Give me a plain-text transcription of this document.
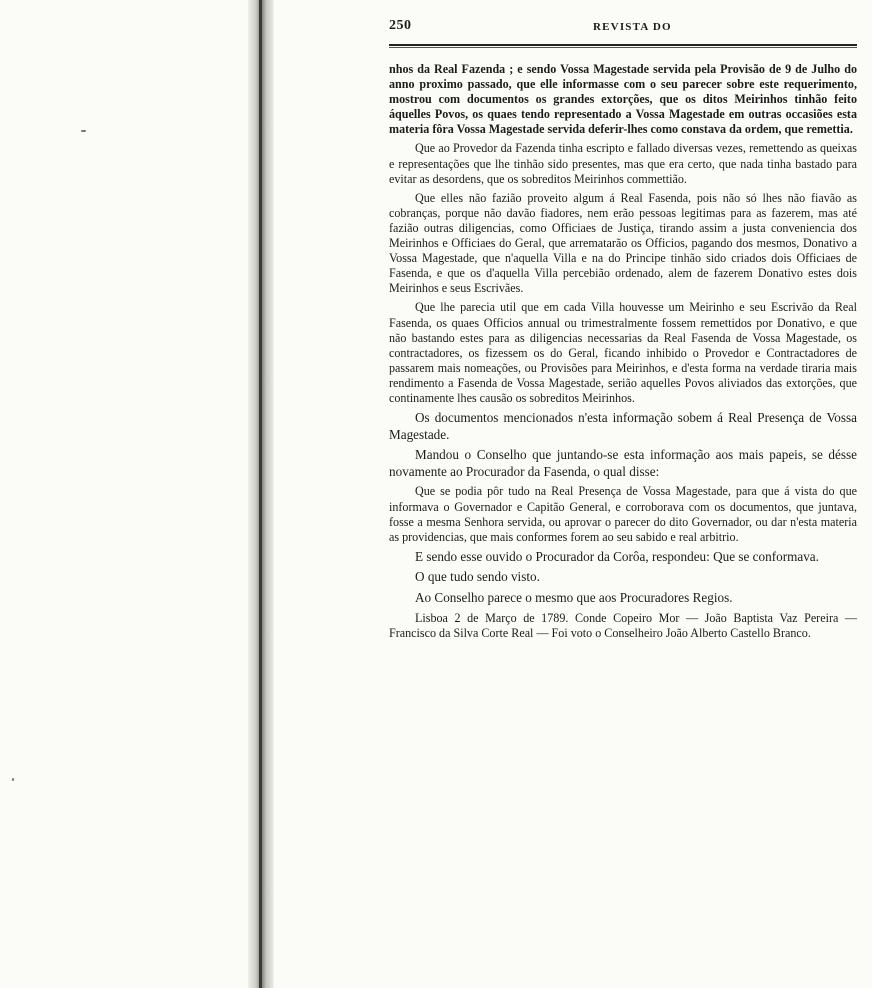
250	REVISTA DO

nhos da Real Fazenda ; e sendo Vossa Magestade servida pela Provisão de 9 de Julho do anno proximo passado, que elle informasse com o seu parecer sobre este requerimento, mostrou com documentos os grandes extorções, que os ditos Meirinhos tinhão feito áquelles Povos, os quaes tendo representado a Vossa Magestade em outras occasiões esta materia fôra Vossa Magestade servida deferir-lhes como constava da ordem, que remettia.

Que ao Provedor da Fazenda tinha escripto e fallado diversas vezes, remettendo as queixas e representações que lhe tinhão sido presentes, mas que era certo, que nada tinha bastado para evitar as desordens, que os sobreditos Meirinhos commettião.

Que elles não fazião proveito algum á Real Fasenda, pois não só lhes não fiavão as cobranças, porque não davão fiadores, nem erão pessoas legitimas para as fazerem, mas até fazião outras diligencias, como Officiaes de Justiça, tirando assim a justa conveniencia dos Meirinhos e Officiaes do Geral, que arrematarão os Officios, pagando dos mesmos, Donativo a Vossa Magestade, que n'aquella Villa e na do Principe tinhão sido criados dois Officiaes de Fasenda, e que os d'aquella Villa percebião ordenado, alem de fazerem Donativo estes dois Meirinhos e seus Escrivães.

Que lhe parecia util que em cada Villa houvesse um Meirinho e seu Escrivão da Real Fasenda, os quaes Officios annual ou trimestralmente fossem remettidos por Donativo, e que não bastando estes para as diligencias necessarias da Real Fasenda de Vossa Magestade, os contractadores, os fizessem os do Geral, ficando inhibido o Provedor e Contractadores de passarem mais nomeações, ou Provisões para Meirinhos, e d'esta forma na verdade tiraria mais rendimento a Fasenda de Vossa Magestade, serião aquelles Povos aliviados das extorções, que continamente lhes causão os sobreditos Meirinhos.

Os documentos mencionados n'esta informação sobem á Real Presença de Vossa Magestade.

Mandou o Conselho que juntando-se esta informação aos mais papeis, se désse novamente ao Procurador da Fasenda, o qual disse:

Que se podia pôr tudo na Real Presença de Vossa Magestade, para que á vista do que informava o Governador e Capitão General, e corroborava com os documentos, que juntava, fosse a mesma Senhora servida, ou aprovar o parecer do dito Governador, ou dar n'esta materia as providencias, que mais conformes forem ao seu sabido e real arbitrio.

E sendo esse ouvido o Procurador da Corôa, respondeu: Que se conformava.

O que tudo sendo visto.

Ao Conselho parece o mesmo que aos Procuradores Regios.

Lisboa 2 de Março de 1789. Conde Copeiro Mor — João Baptista Vaz Pereira — Francisco da Silva Corte Real — Foi voto o Conselheiro João Alberto Castello Branco.
